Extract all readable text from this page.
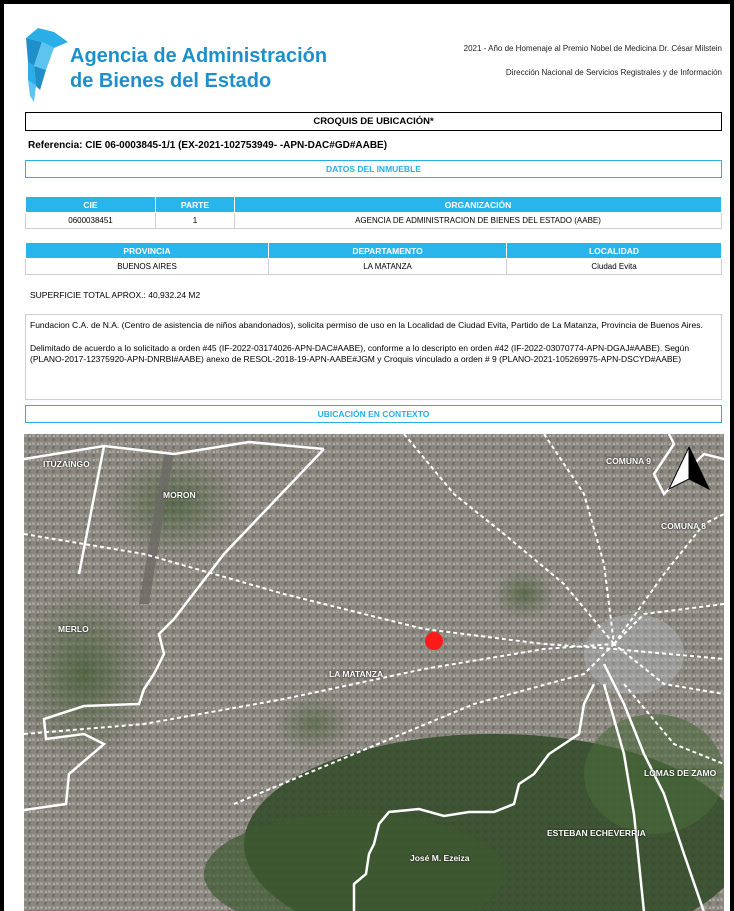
Agencia de Administración
de Bienes del Estado
2021 - Año de Homenaje al Premio Nobel de Medicina Dr. César Milstein
Dirección Nacional de Servicios Registrales y de Información
CROQUIS DE UBICACIÓN*
Referencia: CIE 06-0003845-1/1 (EX-2021-102753949- -APN-DAC#GD#AABE)
DATOS DEL INMUEBLE
CIE	PARTE	ORGANIZACIÓN
0600038451	1	AGENCIA DE ADMINISTRACION DE BIENES DEL ESTADO (AABE)
PROVINCIA	DEPARTAMENTO	LOCALIDAD
BUENOS AIRES	LA MATANZA	Ciudad Evita
SUPERFICIE TOTAL APROX.: 40,932.24 M2

Fundacion C.A. de N.A. (Centro de asistencia de niños abandonados), solicita permiso de uso en la Localidad de Ciudad Evita, Partido de La Matanza, Provincia de Buenos Aires.

Delimitado de acuerdo a lo solicitado a orden #45 (IF-2022-03174026-APN-DAC#AABE), conforme a lo descripto en orden #42 (IF-2022-03070774-APN-DGAJ#AABE). Según (PLANO-2017-12375920-APN-DNRBI#AABE) anexo de RESOL-2018-19-APN-AABE#JGM y Croquis vinculado a orden # 9 (PLANO-2021-105269975-APN-DSCYD#AABE)

UBICACIÓN EN CONTEXTO
ITUZAINGO
MORON
MERLO
LA MATANZA
COMUNA 9
COMUNA 8
LOMAS DE ZAMO
ESTEBAN ECHEVERRIA
José M. Ezeiza
